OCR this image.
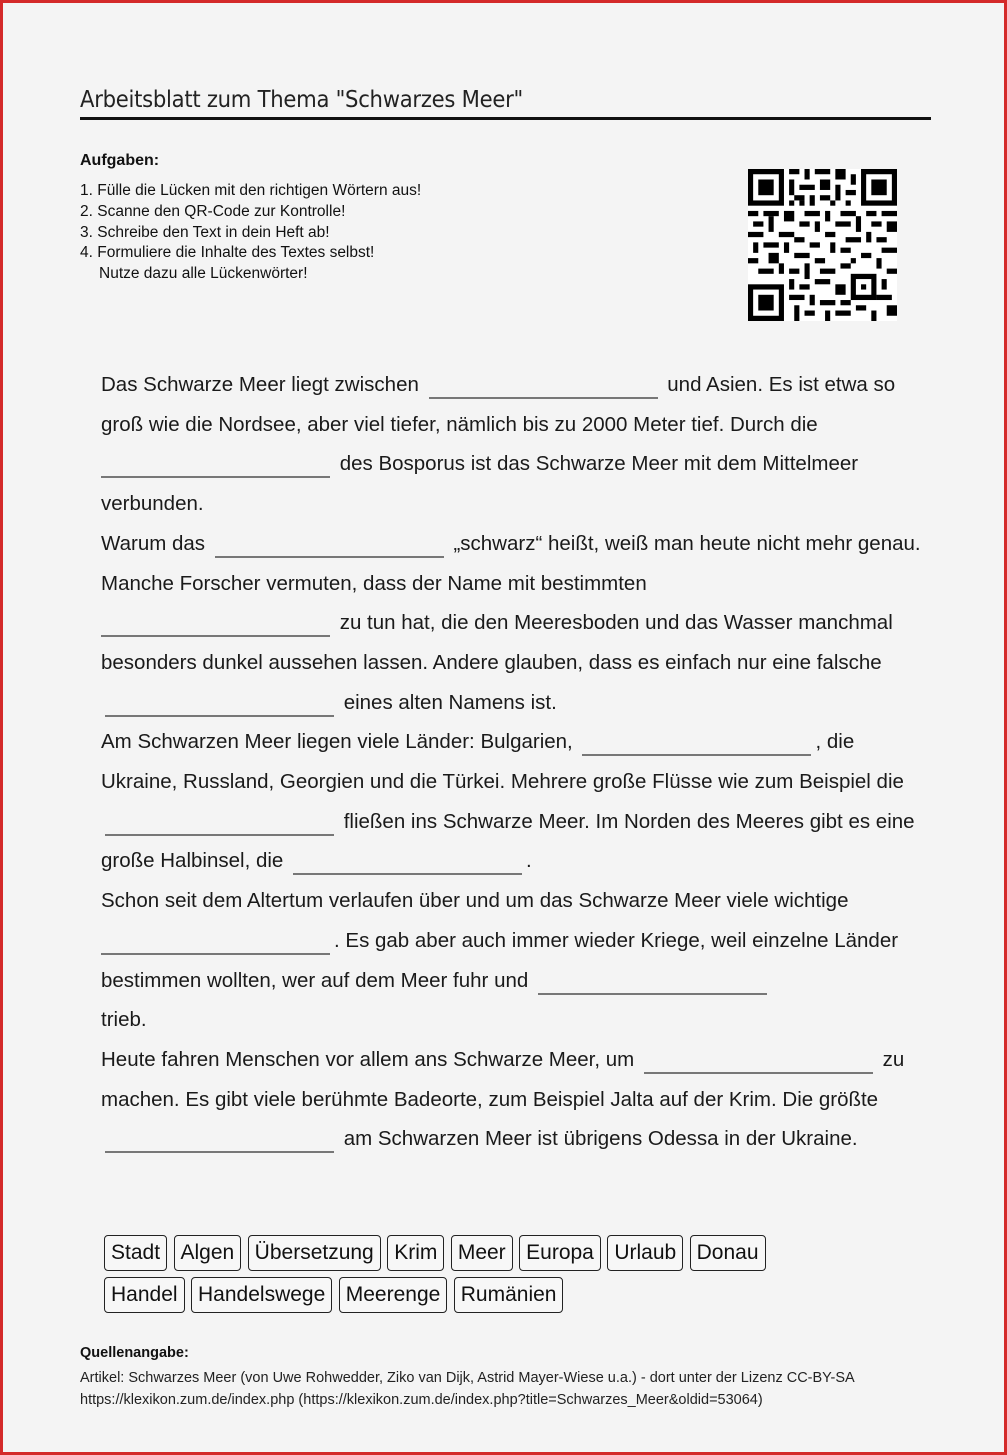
Arbeitsblatt zum Thema "Schwarzes Meer"
Aufgaben:
1. Fülle die Lücken mit den richtigen Wörtern aus!
2. Scanne den QR-Code zur Kontrolle!
3. Schreibe den Text in dein Heft ab!
4. Formuliere die Inhalte des Textes selbst!
Nutze dazu alle Lückenwörter!

Das Schwarze Meer liegt zwischen	und Asien. Es ist etwa so groß wie die Nordsee, aber viel tiefer, nämlich bis zu 2000 Meter tief. Durch die
des Bosporus ist das Schwarze Meer mit dem Mittelmeer verbunden.

Warum das	„schwarz“ heißt, weiß man heute nicht mehr genau. Manche Forscher vermuten, dass der Name mit bestimmten
zu tun hat, die den Meeresboden und das Wasser manchmal besonders dunkel aussehen lassen. Andere glauben, dass es einfach nur eine falsche  eines alten Namens ist.

Am Schwarzen Meer liegen viele Länder: Bulgarien,	, die Ukraine, Russland, Georgien und die Türkei. Mehrere große Flüsse wie zum Beispiel die  fließen ins Schwarze Meer. Im Norden des Meeres gibt es eine große Halbinsel, die	.

Schon seit dem Altertum verlaufen über und um das Schwarze Meer viele wichtige
. Es gab aber auch immer wieder Kriege, weil einzelne Länder bestimmen wollten, wer auf dem Meer fuhr und
trieb.

Heute fahren Menschen vor allem ans Schwarze Meer, um	zu machen. Es gibt viele berühmte Badeorte, zum Beispiel Jalta auf der Krim. Die größte  am Schwarzen Meer ist übrigens Odessa in der Ukraine.

Stadt Algen Übersetzung Krim Meer Europa Urlaub Donau
Handel Handelswege Meerenge Rumänien
Quellenangabe:
Artikel: Schwarzes Meer (von Uwe Rohwedder, Ziko van Dijk, Astrid Mayer-Wiese u.a.) - dort unter der Lizenz CC-BY-SA
https://klexikon.zum.de/index.php (https://klexikon.zum.de/index.php?title=Schwarzes_Meer&oldid=53064)
